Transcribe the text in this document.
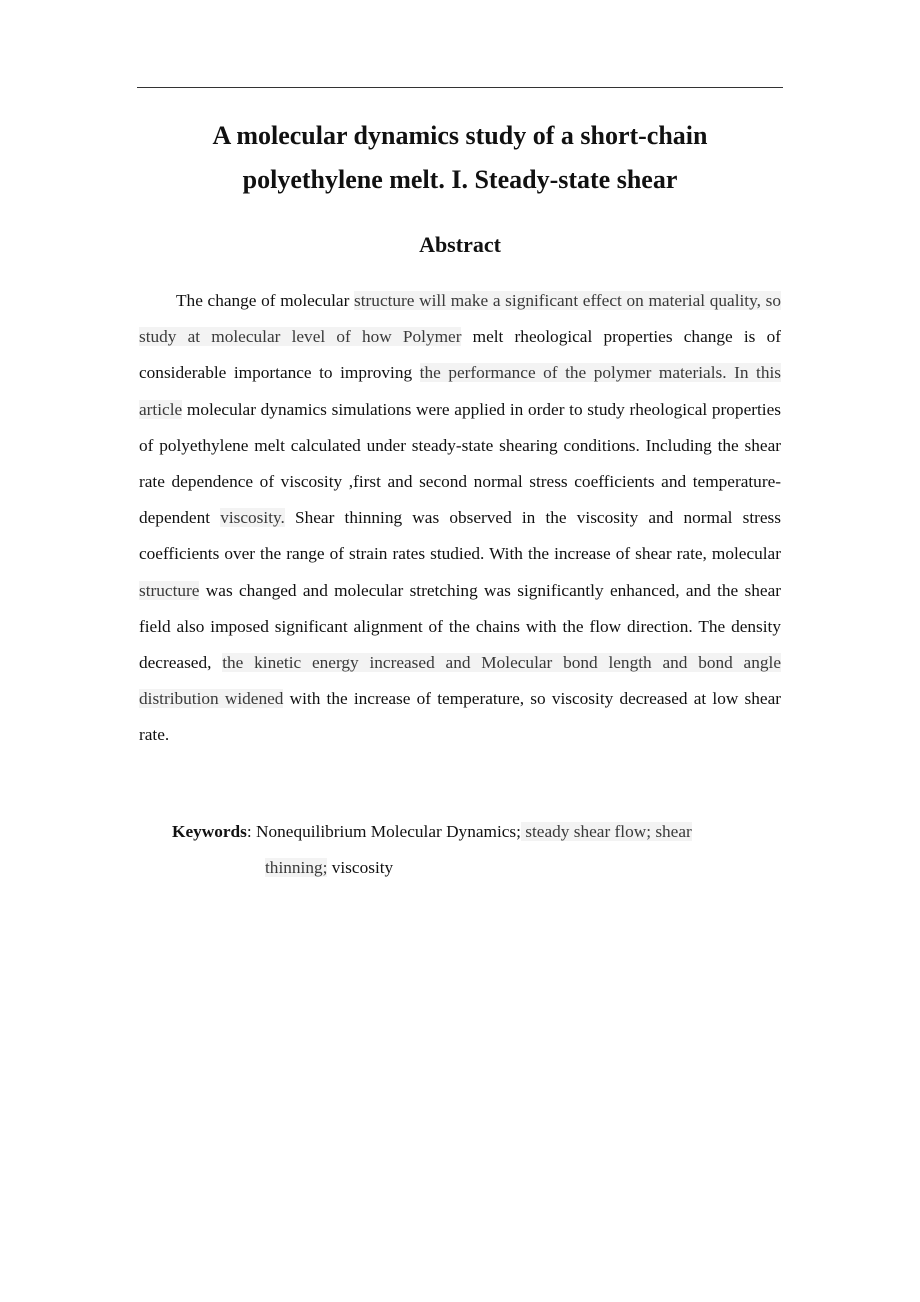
A molecular dynamics study of a short-chain
polyethylene melt. I. Steady-state shear
Abstract

The change of molecular structure will make a significant effect on material quality, so study at molecular level of how Polymer melt rheological properties change is of considerable importance to improving the performance of the polymer materials. In this article molecular dynamics simulations were applied in order to study rheological properties of polyethylene melt calculated under steady-state shearing conditions. Including the shear rate dependence of viscosity ,first and second normal stress coefficients and temperature-dependent viscosity. Shear thinning was observed in the viscosity and normal stress coefficients over the range of strain rates studied. With the increase of shear rate, molecular structure was changed and molecular stretching was significantly enhanced, and the shear field also imposed significant alignment of the chains with the flow direction. The density decreased, the kinetic energy increased and Molecular bond length and bond angle distribution widened with the increase of temperature, so viscosity decreased at low shear rate.

Keywords: Nonequilibrium Molecular Dynamics; steady shear flow; shear
thinning; viscosity
